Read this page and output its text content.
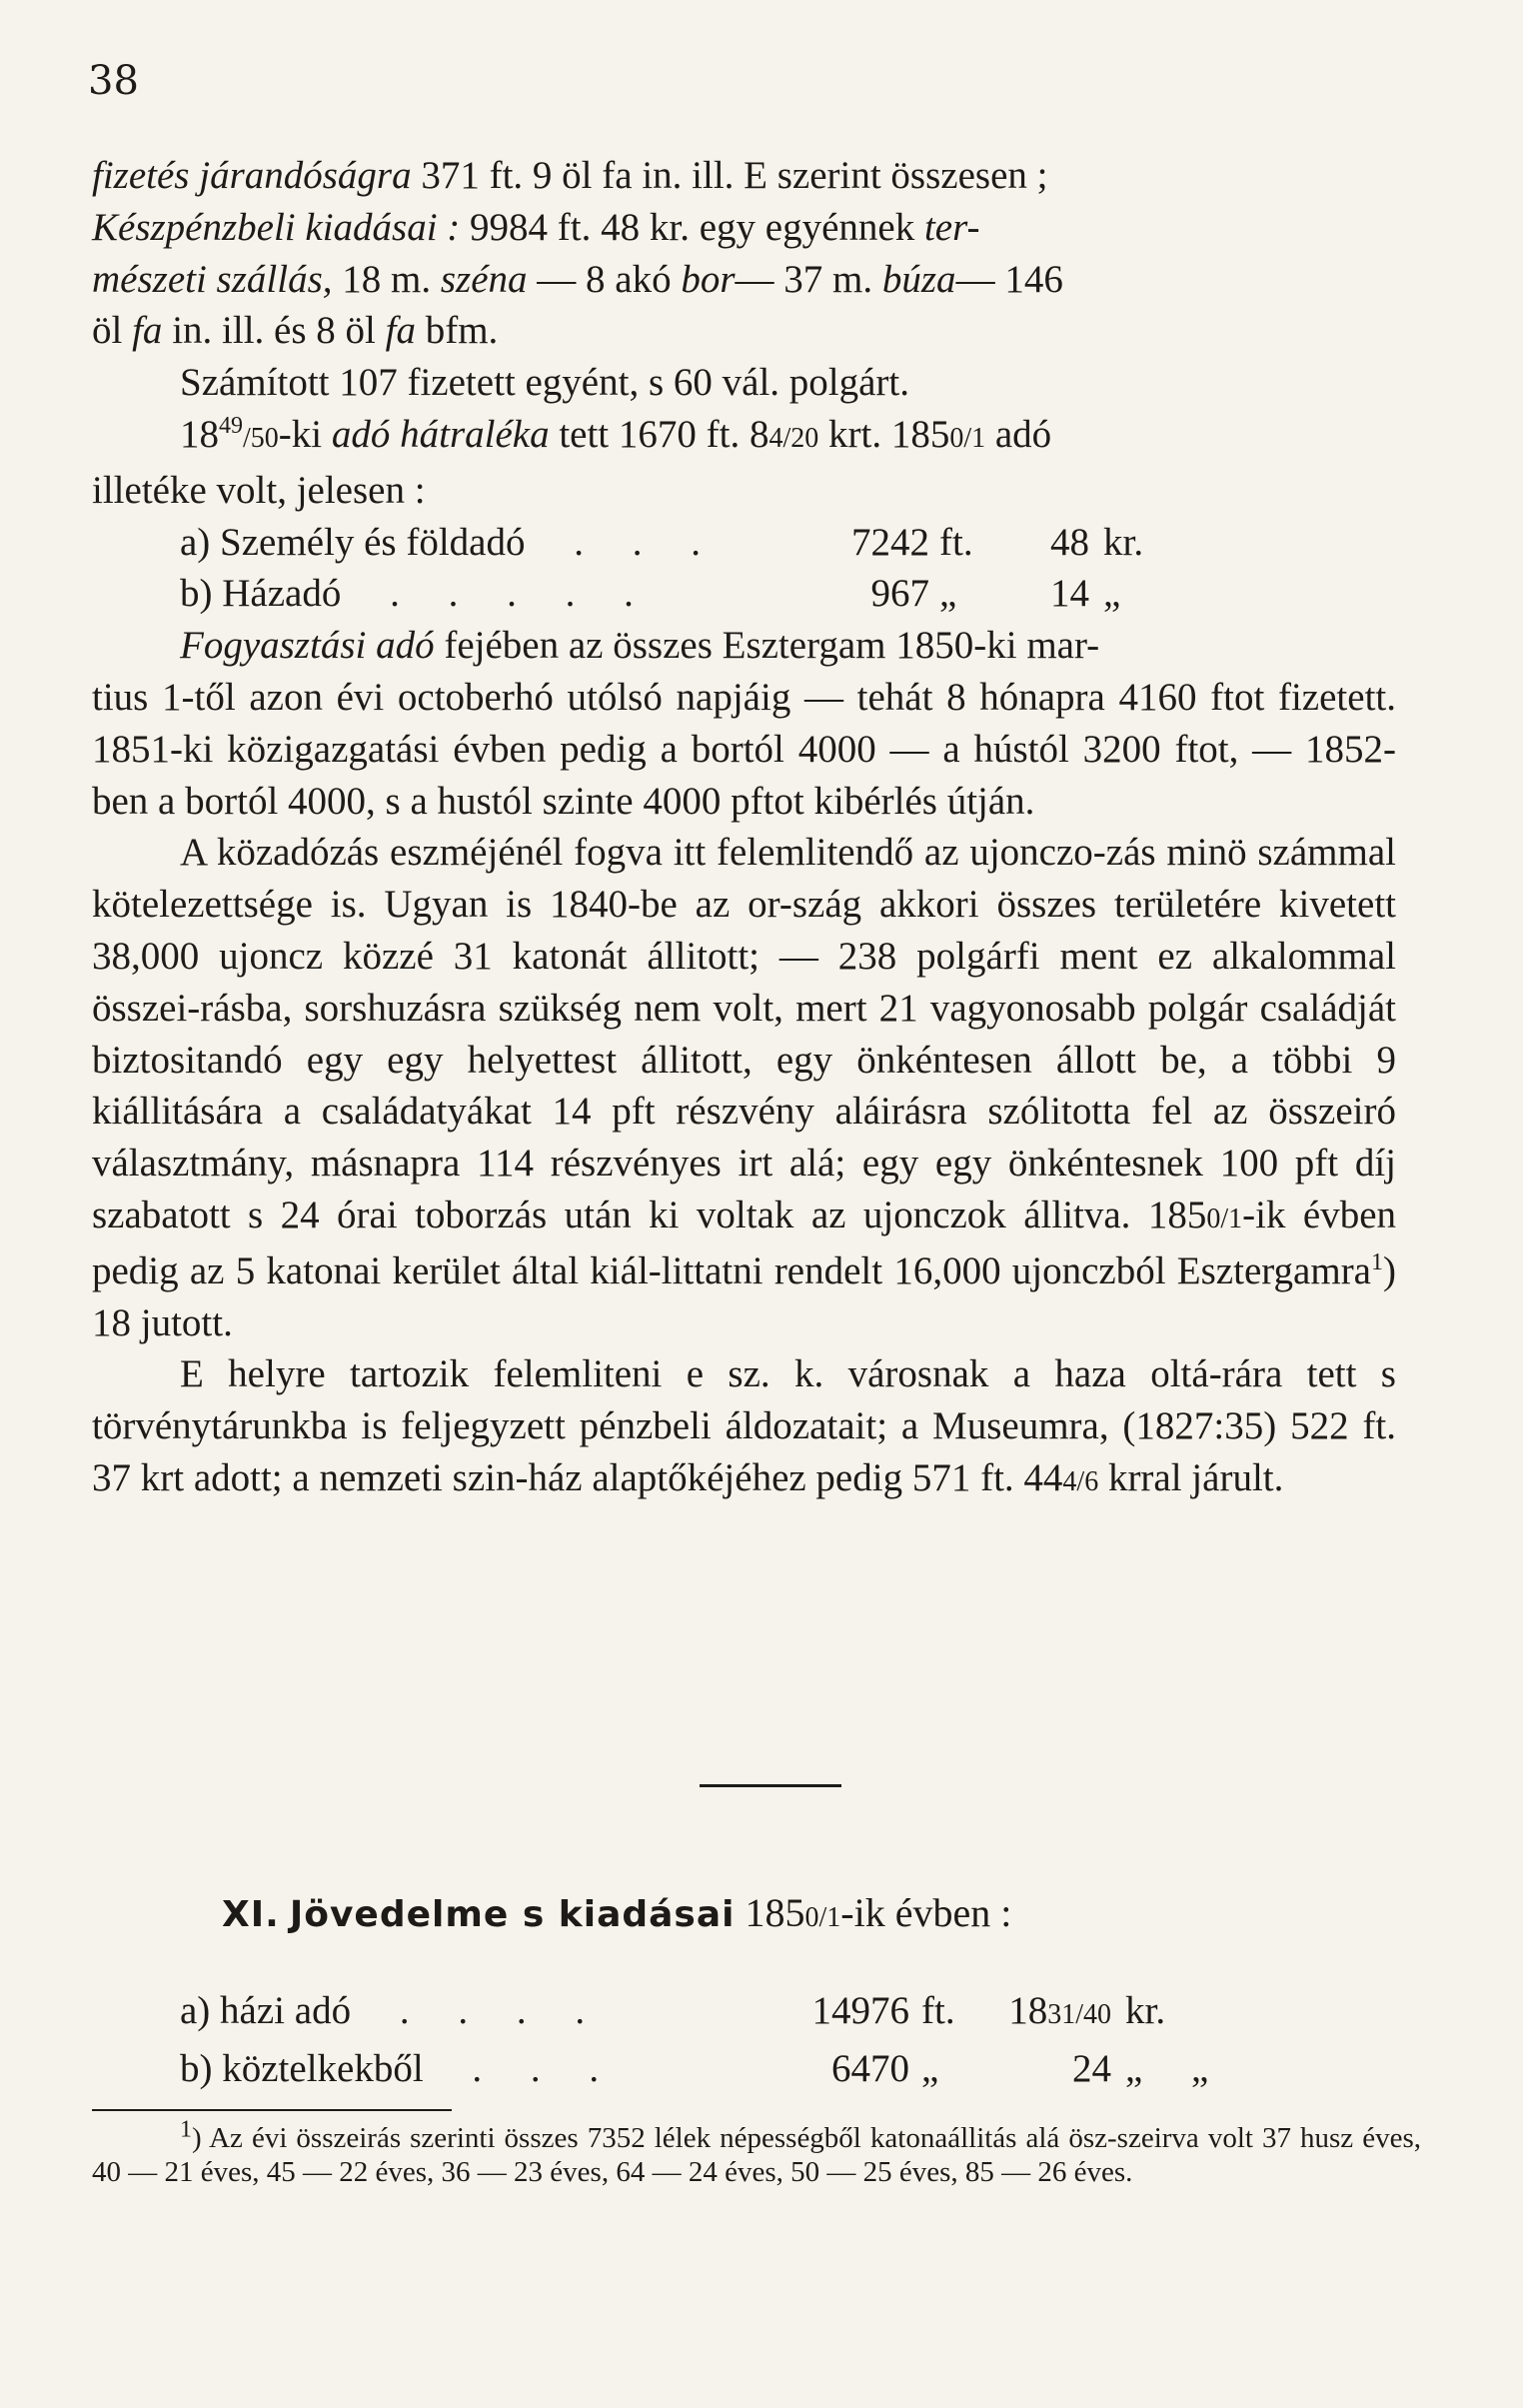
38

fizetés járandóságra 371 ft. 9 öl fa in. ill. E szerint összesen ;

Készpénzbeli kiadásai : 9984 ft. 48 kr. egy egyénnek ter-

mészeti szállás, 18 m. széna — 8 akó bor— 37 m. búza— 146

öl fa in. ill. és 8 öl fa bfm.

Számított 107 fizetett egyént, s 60 vál. polgárt.

$18^{49}/50-ki$ adó hátraléka tett 1670 ft. 84/20 krt. 1850/1 adó

illetéke volt, jelesen :

a) Személy és földadó     .     .     .	7242 ft.	48 kr.
b) Házadó     .     .     .     .     .	967 „	14 „

Fogyasztási adó fejében az összes Esztergam 1850-ki mar-

tius 1-től azon évi octoberhó utólsó napjáig — tehát 8 hónapra 4160 ftot fizetett. 1851-ki közigazgatási évben pedig a bortól 4000 — a hústól 3200 ftot, — 1852-ben a bortól 4000, s a hustól szinte 4000 pftot kibérlés útján.

A közadózás eszméjénél fogva itt felemlitendő az ujonczo-zás minö számmal kötelezettsége is. Ugyan is 1840-be az or-szág akkori összes területére kivetett 38,000 ujoncz közzé 31 katonát állitott; — 238 polgárfi ment ez alkalommal összei-rásba, sorshuzásra szükség nem volt, mert 21 vagyonosabb polgár családját biztositandó egy egy helyettest állitott, egy önkéntesen állott be, a többi 9 kiállitására a családatyákat 14 pft részvény aláirásra szólitotta fel az összeiró választmány, másnapra 114 részvényes irt alá; egy egy önkéntesnek 100 pft díj szabatott s 24 órai toborzás után ki voltak az ujonczok állitva. 1850/1-ik évben pedig az 5 katonai kerület által kiál-littatni rendelt 16,000 ujonczból Esztergamra$^1$) 18 jutott.

E helyre tartozik felemliteni e sz. k. városnak a haza oltá-rára tett s törvénytárunkba is feljegyzett pénzbeli áldozatait; a Museumra, (1827:35) 522 ft. 37 krt adott; a nemzeti szin-ház alaptőkéjéhez pedig 571 ft. 444/6 krral járult.

XI. Jövedelme s kiadásai 1850/1-ik évben :
a) házi adó     .     .     .     .	14976 ft.	1831/40 kr.
b) köztelkekből     .     .     .	6470 „	24 „     „

$^1$) Az évi összeirás szerinti összes 7352 lélek népességből katonaállitás alá ösz-szeirva volt 37 husz éves, 40 — 21 éves, 45 — 22 éves, 36 — 23 éves, 64 — 24 éves, 50 — 25 éves, 85 — 26 éves.
